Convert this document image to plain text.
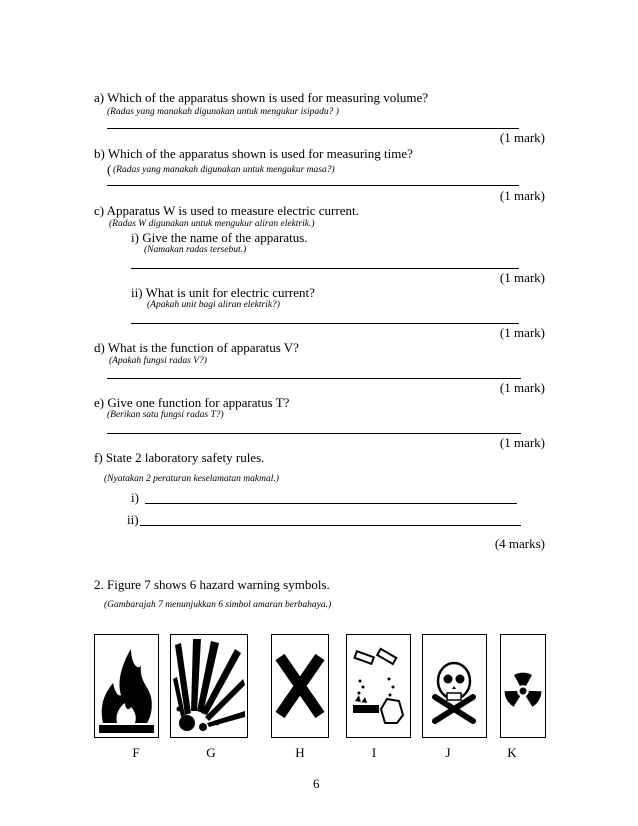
a) Which of the apparatus shown is used for measuring volume?
(Radas yang manakah digunakan untuk mengukur isipadu? )
(1 mark)
b) Which of the apparatus shown is used for measuring time?
( (Radas yang manakah digunakan untuk mengukur masa?)
(1 mark)
c) Apparatus W is used to measure electric current.
(Radas W digunakan untuk mengukur aliran elektrik.)
i) Give the name of the apparatus.
(Namakan radas tersebut.)
(1 mark)
ii) What is unit for electric current?
(Apakah unit bagi aliran elektrik?)
(1 mark)
d) What is the function of apparatus V?
(Apakah fungsi radas V?)
(1 mark)
e) Give one function for apparatus T?
(Berikan satu fungsi radas T?)
(1 mark)
f) State 2 laboratory safety rules.
(Nyatakan 2 peraturan keselamatan makmal.)
i)
ii)
(4 marks)
2. Figure 7 shows 6 hazard warning symbols.
(Gambarajah 7 menunjukkan 6 simbol amaran berbahaya.)
F	G	H	I	J	K
6
